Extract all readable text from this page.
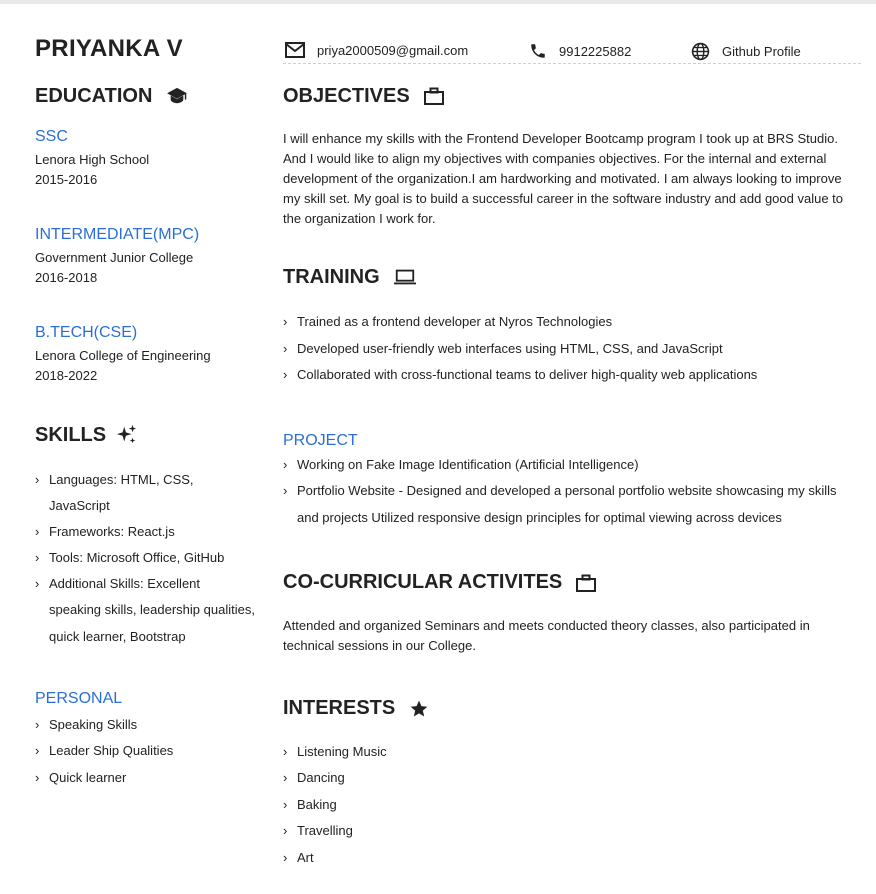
PRIYANKA V	priya2000509@gmail.com	9912225882	Github Profile
EDUCATION
SSC
Lenora High School
2015-2016
INTERMEDIATE(MPC)
Government Junior College
2016-2018
B.TECH(CSE)
Lenora College of Engineering
2018-2022
SKILLS
› Languages: HTML, CSS, JavaScript
› Frameworks: React.js
› Tools: Microsoft Office, GitHub
› Additional Skills: Excellent speaking skills, leadership qualities, quick learner, Bootstrap
PERSONAL
› Speaking Skills
› Leader Ship Qualities
› Quick learner
OBJECTIVES

I will enhance my skills with the Frontend Developer Bootcamp program I took up at BRS Studio. And I would like to align my objectives with companies objectives. For the internal and external development of the organization.I am hardworking and motivated. I am always looking to improve my skill set. My goal is to build a successful career in the software industry and add good value to the organization I work for.

TRAINING
› Trained as a frontend developer at Nyros Technologies
› Developed user-friendly web interfaces using HTML, CSS, and JavaScript
› Collaborated with cross-functional teams to deliver high-quality web applications
PROJECT
› Working on Fake Image Identification (Artificial Intelligence)
› Portfolio Website - Designed and developed a personal portfolio website showcasing my skills and projects Utilized responsive design principles for optimal viewing across devices
CO-CURRICULAR ACTIVITES

Attended and organized Seminars and meets conducted theory classes, also participated in technical sessions in our College.

INTERESTS
› Listening Music
› Dancing
› Baking
› Travelling
› Art
